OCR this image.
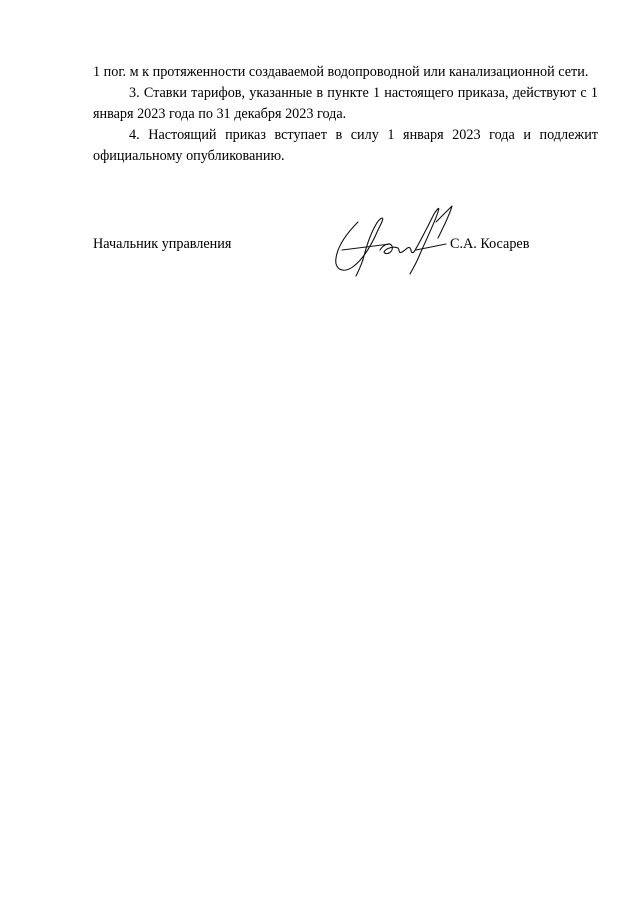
1 пог. м к протяженности создаваемой водопроводной или канализационной сети.

3. Ставки тарифов, указанные в пункте 1 настоящего приказа, действуют с 1 января 2023 года по 31 декабря 2023 года.

4. Настоящий приказ вступает в силу 1 января 2023 года и подлежит официальному опубликованию.

Начальник управления	С.А. Косарев
